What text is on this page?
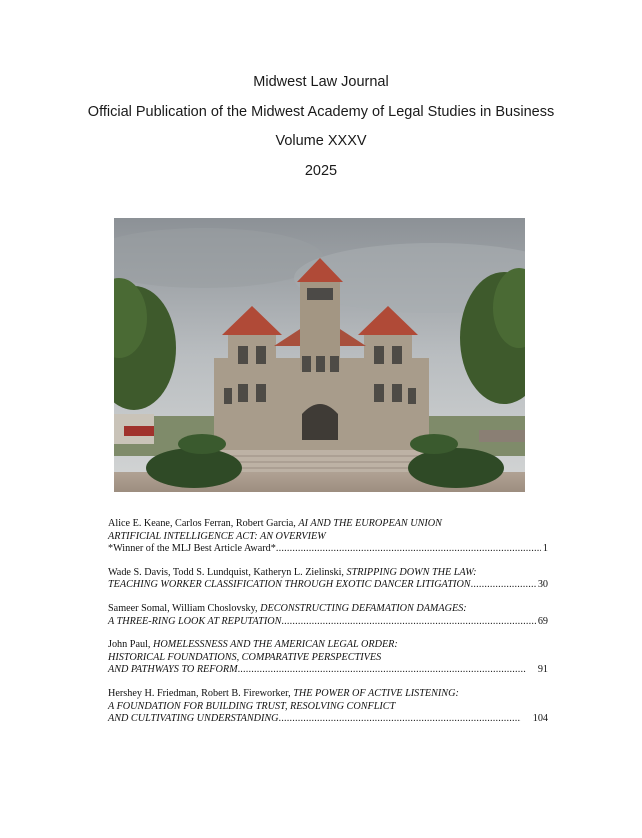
Midwest Law Journal

Official Publication of the Midwest Academy of Legal Studies in Business

Volume XXXV

2025

Alice E. Keane, Carlos Ferran, Robert Garcia,
AI AND THE EUROPEAN UNION
ARTIFICIAL INTELLIGENCE ACT: AN OVERVIEW
*Winner of the MLJ Best Article Award* .....	1
Wade S. Davis, Todd S. Lundquist, Katheryn L. Zielinski,
STRIPPING DOWN THE LAW:
TEACHING WORKER CLASSIFICATION THROUGH EXOTIC DANCER LITIGATION .....	30
Sameer Somal, William Choslovsky,
DECONSTRUCTING DEFAMATION DAMAGES:
A THREE-RING LOOK AT REPUTATION .....	69
John Paul,
HOMELESSNESS AND THE AMERICAN LEGAL ORDER:
HISTORICAL FOUNDATIONS, COMPARATIVE PERSPECTIVES
AND PATHWAYS TO REFORM .....	91
Hershey H. Friedman, Robert B. Fireworker,
THE POWER OF ACTIVE LISTENING:
A FOUNDATION FOR BUILDING TRUST, RESOLVING CONFLICT
AND CULTIVATING UNDERSTANDING .....	104
